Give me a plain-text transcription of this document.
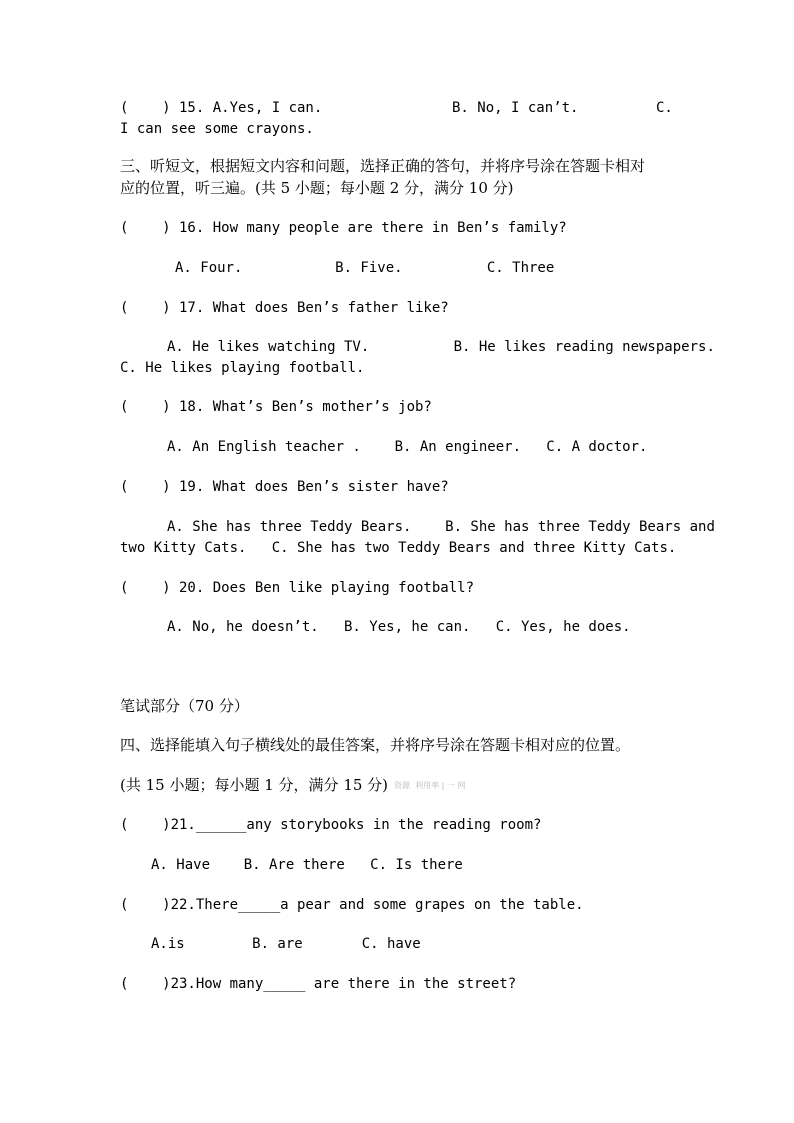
(    ) 15. A.Yes, I can.	B. No, I can’t.	C.
I can see some crayons.
三、听短文，根据短文内容和问题，选择正确的答句，并将序号涂在答题卡相对
应的位置，听三遍。(共 5 小题；每小题 2 分，满分 10 分)
(    ) 16. How many people are there in Ben’s family?
A. Four.           B. Five.          C. Three
(    ) 17. What does Ben’s father like?
A. He likes watching TV.          B. He likes reading newspapers.
C. He likes playing football.
(    ) 18. What’s Ben’s mother’s job?
A. An English teacher .    B. An engineer.   C. A doctor.
(    ) 19. What does Ben’s sister have?
A. She has three Teddy Bears.    B. She has three Teddy Bears and
two Kitty Cats.   C. She has two Teddy Bears and three Kitty Cats.
(    ) 20. Does Ben like playing football?
A. No, he doesn’t.   B. Yes, he can.   C. Yes, he does.
笔试部分（70 分）
四、选择能填入句子横线处的最佳答案，并将序号涂在答题卡相对应的位置。
(共 15 小题；每小题 1 分，满分 15 分) 资源  利用率 | 一 网
(    )21.______any storybooks in the reading room?
A. Have    B. Are there   C. Is there
(    )22.There_____a pear and some grapes on the table.
A.is        B. are       C. have
(    )23.How many_____ are there in the street?
